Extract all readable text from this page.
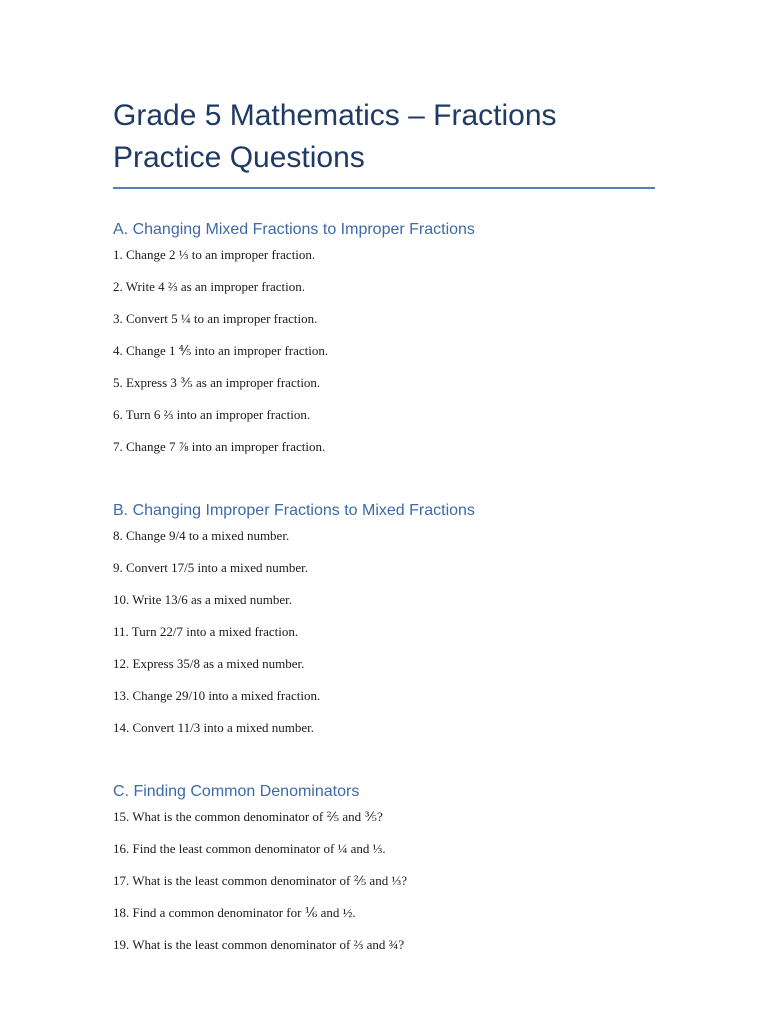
Grade 5 Mathematics – Fractions
Practice Questions
A. Changing Mixed Fractions to Improper Fractions
1. Change 2 ⅓ to an improper fraction.
2. Write 4 ⅔ as an improper fraction.
3. Convert 5 ¼ to an improper fraction.
4. Change 1 ⅘ into an improper fraction.
5. Express 3 ⅗ as an improper fraction.
6. Turn 6 ⅔ into an improper fraction.
7. Change 7 ⅞ into an improper fraction.
B. Changing Improper Fractions to Mixed Fractions
8. Change 9/4 to a mixed number.
9. Convert 17/5 into a mixed number.
10. Write 13/6 as a mixed number.
11. Turn 22/7 into a mixed fraction.
12. Express 35/8 as a mixed number.
13. Change 29/10 into a mixed fraction.
14. Convert 11/3 into a mixed number.
C. Finding Common Denominators
15. What is the common denominator of ⅖ and ⅗?
16. Find the least common denominator of ¼ and ⅓.
17. What is the least common denominator of ⅖ and ⅓?
18. Find a common denominator for ⅙ and ½.
19. What is the least common denominator of ⅔ and ¾?
